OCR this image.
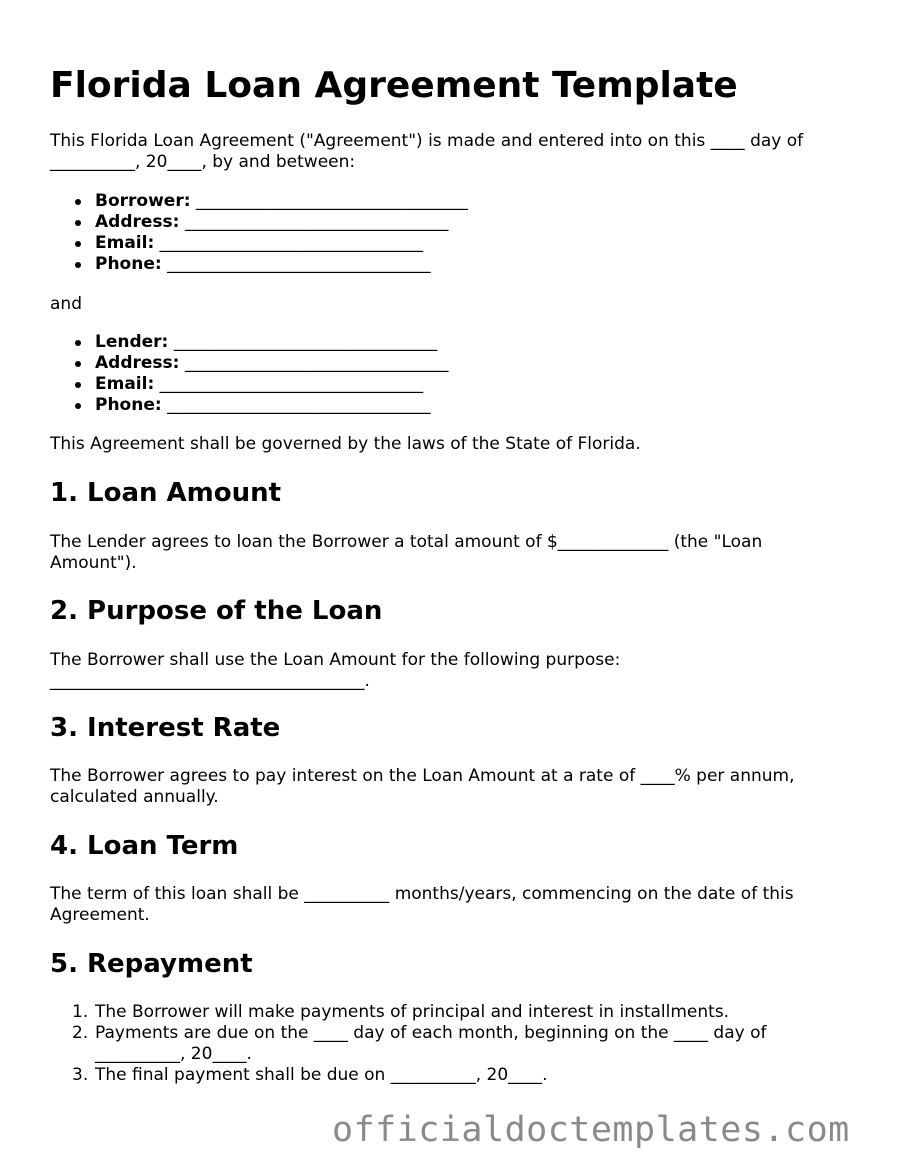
Florida Loan Agreement Template

This Florida Loan Agreement ("Agreement") is made and entered into on this ____ day of __________, 20____, by and between:

Borrower: ________________________________
Address: _______________________________
Email: _______________________________
Phone: _______________________________

and

Lender: _______________________________
Address: _______________________________
Email: _______________________________
Phone: _______________________________

This Agreement shall be governed by the laws of the State of Florida.

1. Loan Amount

The Lender agrees to loan the Borrower a total amount of $_____________ (the "Loan Amount").

2. Purpose of the Loan

The Borrower shall use the Loan Amount for the following purpose: _____________________________________.

3. Interest Rate

The Borrower agrees to pay interest on the Loan Amount at a rate of ____% per annum, calculated annually.

4. Loan Term

The term of this loan shall be __________ months/years, commencing on the date of this Agreement.

5. Repayment
1. The Borrower will make payments of principal and interest in installments.
2. Payments are due on the ____ day of each month, beginning on the ____ day of __________, 20____.
3. The final payment shall be due on __________, 20____.
officialdoctemplates.com
